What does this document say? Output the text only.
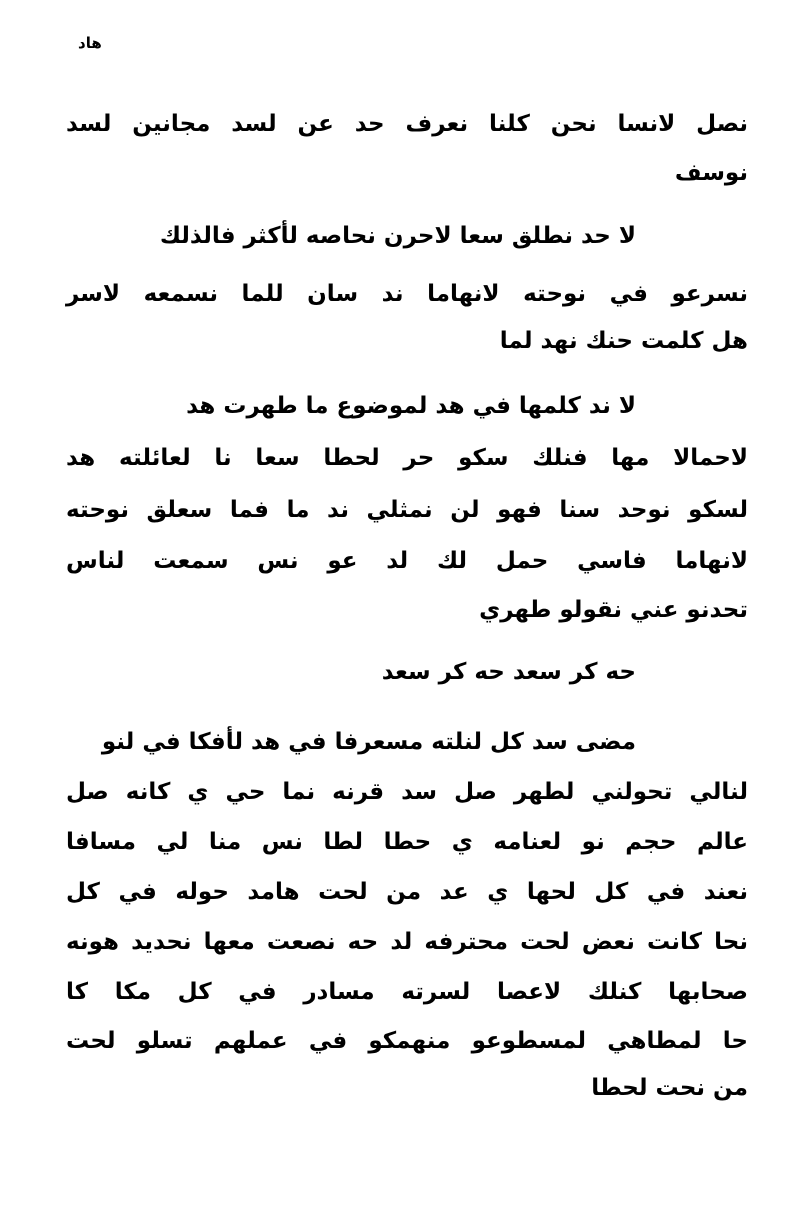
هاد
نصل لانسا نحن كلنا نعرف حد عن لسد مجانين لسد
نوسف
لا حد نطلق سعا لاحرن نحاصه لأكثر فالذلك
نسرعو في نوحته لانهاما ند سان للما نسمعه لاسر
هل كلمت حنك نهد لما
لا ند كلمها في هد لموضوع ما طهرت هد
لاحمالا مها فنلك سكو حر لحطا سعا نا لعائلته هد
لسكو نوحد سنا فهو لن نمثلي ند ما فما سعلق نوحته
لانهاما فاسي حمل لك لد عو نس سمعت لناس
تحدنو عني نقولو طهري
حه كر سعد حه كر سعد
مضى سد كل لنلته مسعرفا في هد لأفكا في لنو
لنالي تحولني لطهر صل سد قرنه نما حي ي كانه صل
عالم حجم نو لعنامه ي حطا لطا نس منا لي مسافا
نعند في كل لحها ي عد من لحت هامد حوله في كل
نحا كانت نعض لحت محترفه لد حه نصعت معها نحديد هونه
صحابها كنلك لاعصا لسرته مسادر في كل مكا كا
حا لمطاهي لمسطوعو منهمكو في عملهم تسلو لحت
من نحت لحطا
